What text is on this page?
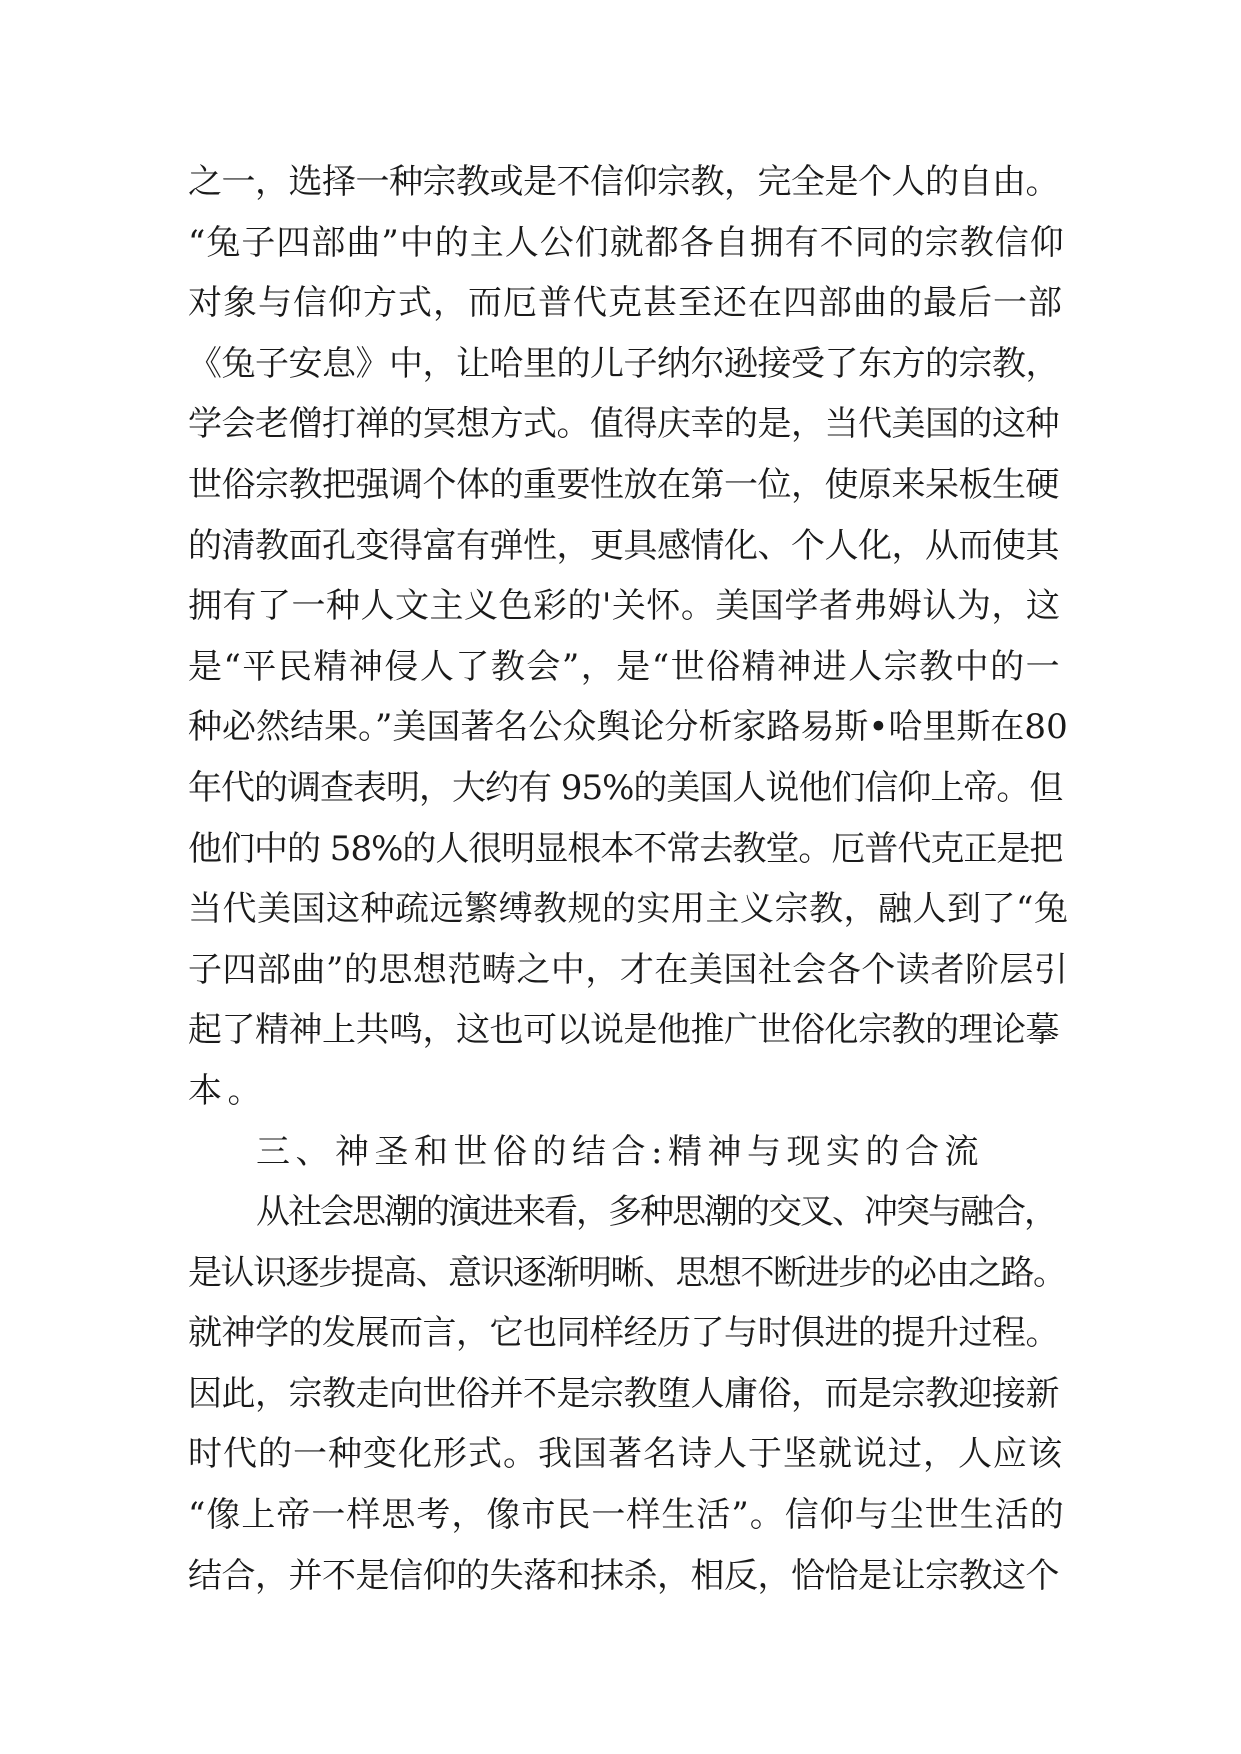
之一，选择一种宗教或是不信仰宗教，完全是个人的自由。
“兔子四部曲”中的主人公们就都各自拥有不同的宗教信仰
对象与信仰方式，而厄普代克甚至还在四部曲的最后一部
《兔子安息》中，让哈里的儿子纳尔逊接受了东方的宗教，
学会老僧打禅的冥想方式。值得庆幸的是，当代美国的这种
世俗宗教把强调个体的重要性放在第一位，使原来呆板生硬
的清教面孔变得富有弹性，更具感情化、个人化，从而使其
拥有了一种人文主义色彩的'关怀。美国学者弗姆认为，这
是“平民精神侵人了教会”，是“世俗精神进人宗教中的一
种必然结果。”美国著名公众舆论分析家路易斯•哈里斯在80
年代的调查表明，大约有 95%的美国人说他们信仰上帝。但
他们中的 58%的人很明显根本不常去教堂。厄普代克正是把
当代美国这种疏远繁缚教规的实用主义宗教，融人到了“兔
子四部曲”的思想范畴之中，才在美国社会各个读者阶层引
起了精神上共鸣，这也可以说是他推广世俗化宗教的理论摹
本。
三、神圣和世俗的结合:精神与现实的合流
从社会思潮的演进来看，多种思潮的交叉、冲突与融合，
是认识逐步提高、意识逐渐明晰、思想不断进步的必由之路。
就神学的发展而言，它也同样经历了与时俱进的提升过程。
因此，宗教走向世俗并不是宗教堕人庸俗，而是宗教迎接新
时代的一种变化形式。我国著名诗人于坚就说过，人应该
“像上帝一样思考，像市民一样生活”。信仰与尘世生活的
结合，并不是信仰的失落和抹杀，相反，恰恰是让宗教这个
